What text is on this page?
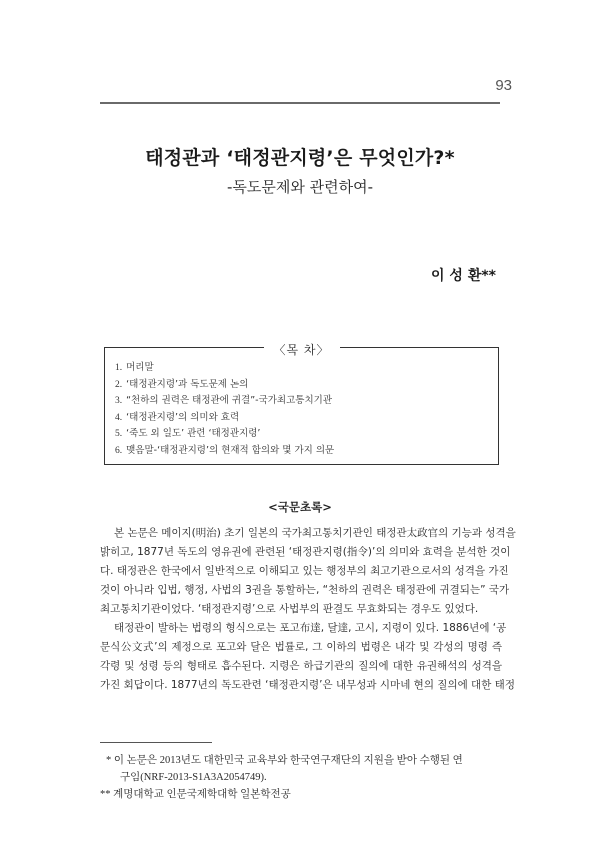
93
태정관과 ‘태정관지령’은 무엇인가?*
-독도문제와 관련하여-
이 성 환**
〈목 차〉
1. 머리말
2. ‘태정관지령’과 독도문제 논의
3. “천하의 권력은 태정관에 귀결”-국가최고통치기관
4. ‘태정관지령’의 의미와 효력
5. ‘죽도 외 일도’ 관련 ‘태정관지령’
6. 맺음말-‘태정관지령’의 현재적 함의와 몇 가지 의문
<국문초록>
본 논문은 메이지(明治) 초기 일본의 국가최고통치기관인 태정관太政官의 기능과 성격을
밝히고, 1877년 독도의 영유권에 관련된 ‘태정관지령(指令)’의 의미와 효력을 분석한 것이
다. 태정관은 한국에서 일반적으로 이해되고 있는 행정부의 최고기관으로서의 성격을 가진
것이 아니라 입법, 행정, 사법의 3권을 통할하는, “천하의 권력은 태정관에 귀결되는” 국가
최고통치기관이었다. ‘태정관지령’으로 사법부의 판결도 무효화되는 경우도 있었다.
태정관이 발하는 법령의 형식으로는 포고布達, 달達, 고시, 지령이 있다. 1886년에 ‘공
문식公文式’의 제정으로 포고와 달은 법률로, 그 이하의 법령은 내각 및 각성의 명령 즉
각령 및 성령 등의 형태로 흡수된다. 지령은 하급기관의 질의에 대한 유권해석의 성격을
가진 회답이다. 1877년의 독도관련 ‘태정관지령’은 내무성과 시마네 현의 질의에 대한 태정
* 이 논문은 2013년도 대한민국 교육부와 한국연구재단의 지원을 받아 수행된 연
구임(NRF-2013-S1A3A2054749).
** 계명대학교 인문국제학대학 일본학전공
